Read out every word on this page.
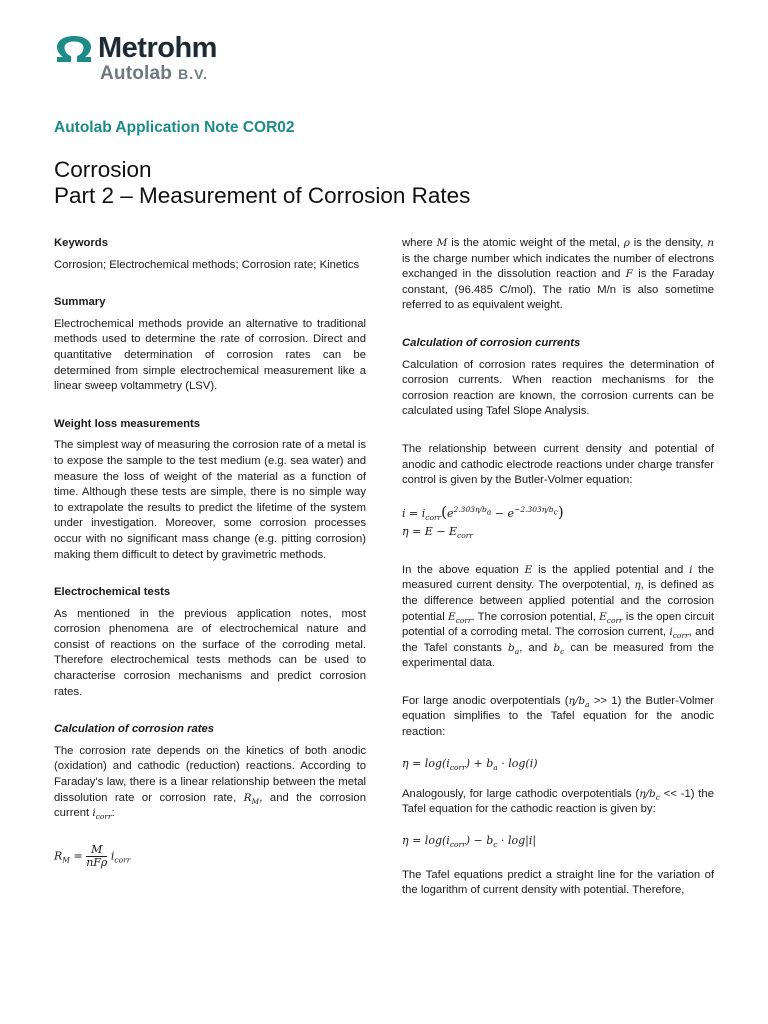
Metrohm
Autolab B.V.
Autolab Application Note COR02
Corrosion
Part 2 – Measurement of Corrosion Rates
Keywords

Corrosion; Electrochemical methods; Corrosion rate; Kinetics

Summary

Electrochemical methods provide an alternative to traditional methods used to determine the rate of corrosion. Direct and quantitative determination of corrosion rates can be determined from simple electrochemical measurement like a linear sweep voltammetry (LSV).

Weight loss measurements

The simplest way of measuring the corrosion rate of a metal is to expose the sample to the test medium (e.g. sea water) and measure the loss of weight of the material as a function of time. Although these tests are simple, there is no simple way to extrapolate the results to predict the lifetime of the system under investigation. Moreover, some corrosion processes occur with no significant mass change (e.g. pitting corrosion) making them difficult to detect by gravimetric methods.

Electrochemical tests

As mentioned in the previous application notes, most corrosion phenomena are of electrochemical nature and consist of reactions on the surface of the corroding metal. Therefore electrochemical tests methods can be used to characterise corrosion mechanisms and predict corrosion rates.

Calculation of corrosion rates

The corrosion rate depends on the kinetics of both anodic (oxidation) and cathodic (reduction) reactions. According to Faraday's law, there is a linear relationship between the metal dissolution rate or corrosion rate, $R_M$, and the corrosion current $i_{corr}$:

$R_M = \frac{M}{\text{nFρ}} i_{corr}$

where M is the atomic weight of the metal, ρ is the density, n is the charge number which indicates the number of electrons exchanged in the dissolution reaction and F is the Faraday constant, (96.485 C/mol). The ratio M/n is also sometime referred to as equivalent weight.

Calculation of corrosion currents

Calculation of corrosion rates requires the determination of corrosion currents. When reaction mechanisms for the corrosion reaction are known, the corrosion currents can be calculated using Tafel Slope Analysis.

The relationship between current density and potential of anodic and cathodic electrode reactions under charge transfer control is given by the Butler-Volmer equation:

$i = i_{corr}(e^{2.303\eta/b_a} - e^{-2.303\eta/b_c})$
$\eta = E - E_{corr}$

In the above equation E is the applied potential and i the measured current density. The overpotential, η, is defined as the difference between applied potential and the corrosion potential $E_{corr}$. The corrosion potential, $E_{corr}$ is the open circuit potential of a corroding metal. The corrosion current, $i_{corr}$, and the Tafel constants $b_a$, and $b_c$ can be measured from the experimental data.

For large anodic overpotentials $(\eta/b_a >> 1)$ the Butler-Volmer equation simplifies to the Tafel equation for the anodic reaction:

$\eta = \log(i_{corr}) + b_a \cdot \log(i)$

Analogously, for large cathodic overpotentials $(\eta/b_c << -1)$ the Tafel equation for the cathodic reaction is given by:

$\eta = \log(i_{corr}) - b_c \cdot \log|i|$

The Tafel equations predict a straight line for the variation of the logarithm of current density with potential. Therefore,
